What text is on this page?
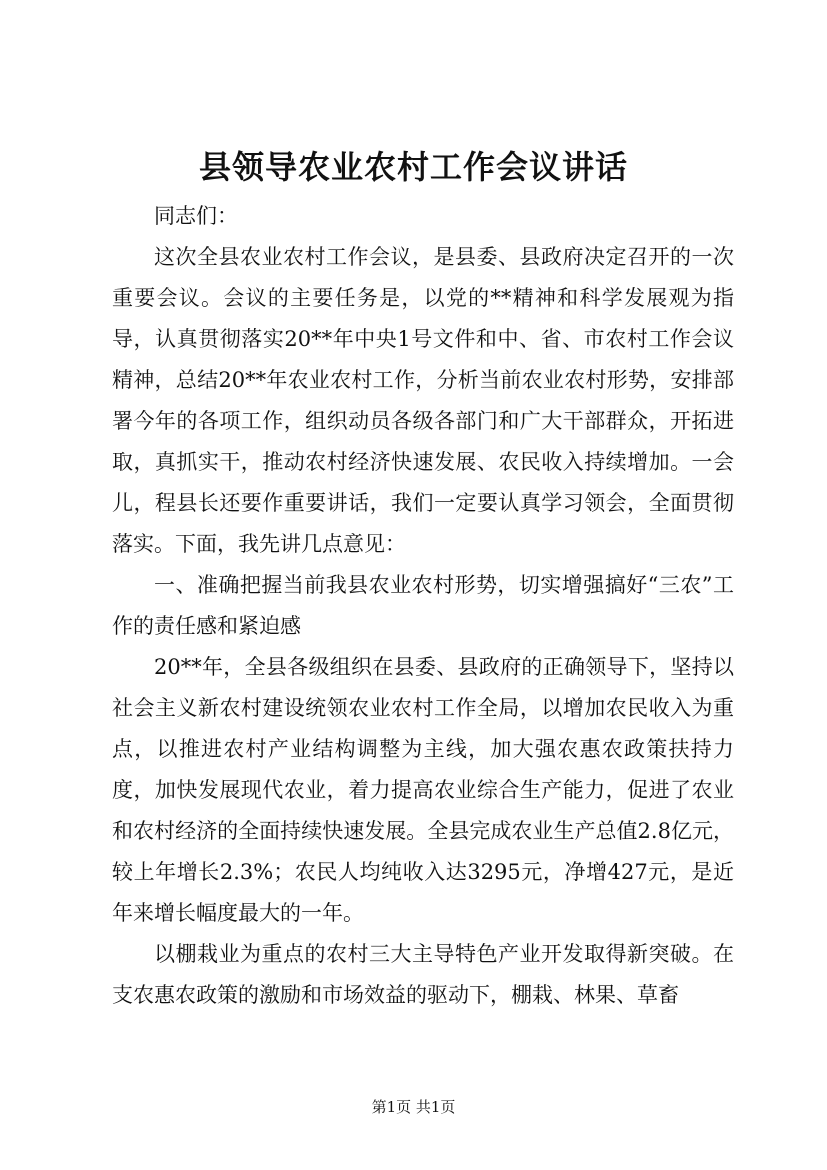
县领导农业农村工作会议讲话

同志们：

这次全县农业农村工作会议，是县委、县政府决定召开的一次重要会议。会议的主要任务是，以党的**精神和科学发展观为指导，认真贯彻落实20**年中央1号文件和中、省、市农村工作会议精神，总结20**年农业农村工作，分析当前农业农村形势，安排部署今年的各项工作，组织动员各级各部门和广大干部群众，开拓进取，真抓实干，推动农村经济快速发展、农民收入持续增加。一会儿，程县长还要作重要讲话，我们一定要认真学习领会，全面贯彻落实。下面，我先讲几点意见：

一、准确把握当前我县农业农村形势，切实增强搞好“三农”工作的责任感和紧迫感

20**年，全县各级组织在县委、县政府的正确领导下，坚持以社会主义新农村建设统领农业农村工作全局，以增加农民收入为重点，以推进农村产业结构调整为主线，加大强农惠农政策扶持力度，加快发展现代农业，着力提高农业综合生产能力，促进了农业和农村经济的全面持续快速发展。全县完成农业生产总值2.8亿元，较上年增长2.3%；农民人均纯收入达3295元，净增427元，是近年来增长幅度最大的一年。

以棚栽业为重点的农村三大主导特色产业开发取得新突破。在支农惠农政策的激励和市场效益的驱动下，棚栽、林果、草畜

第1页 共1页
